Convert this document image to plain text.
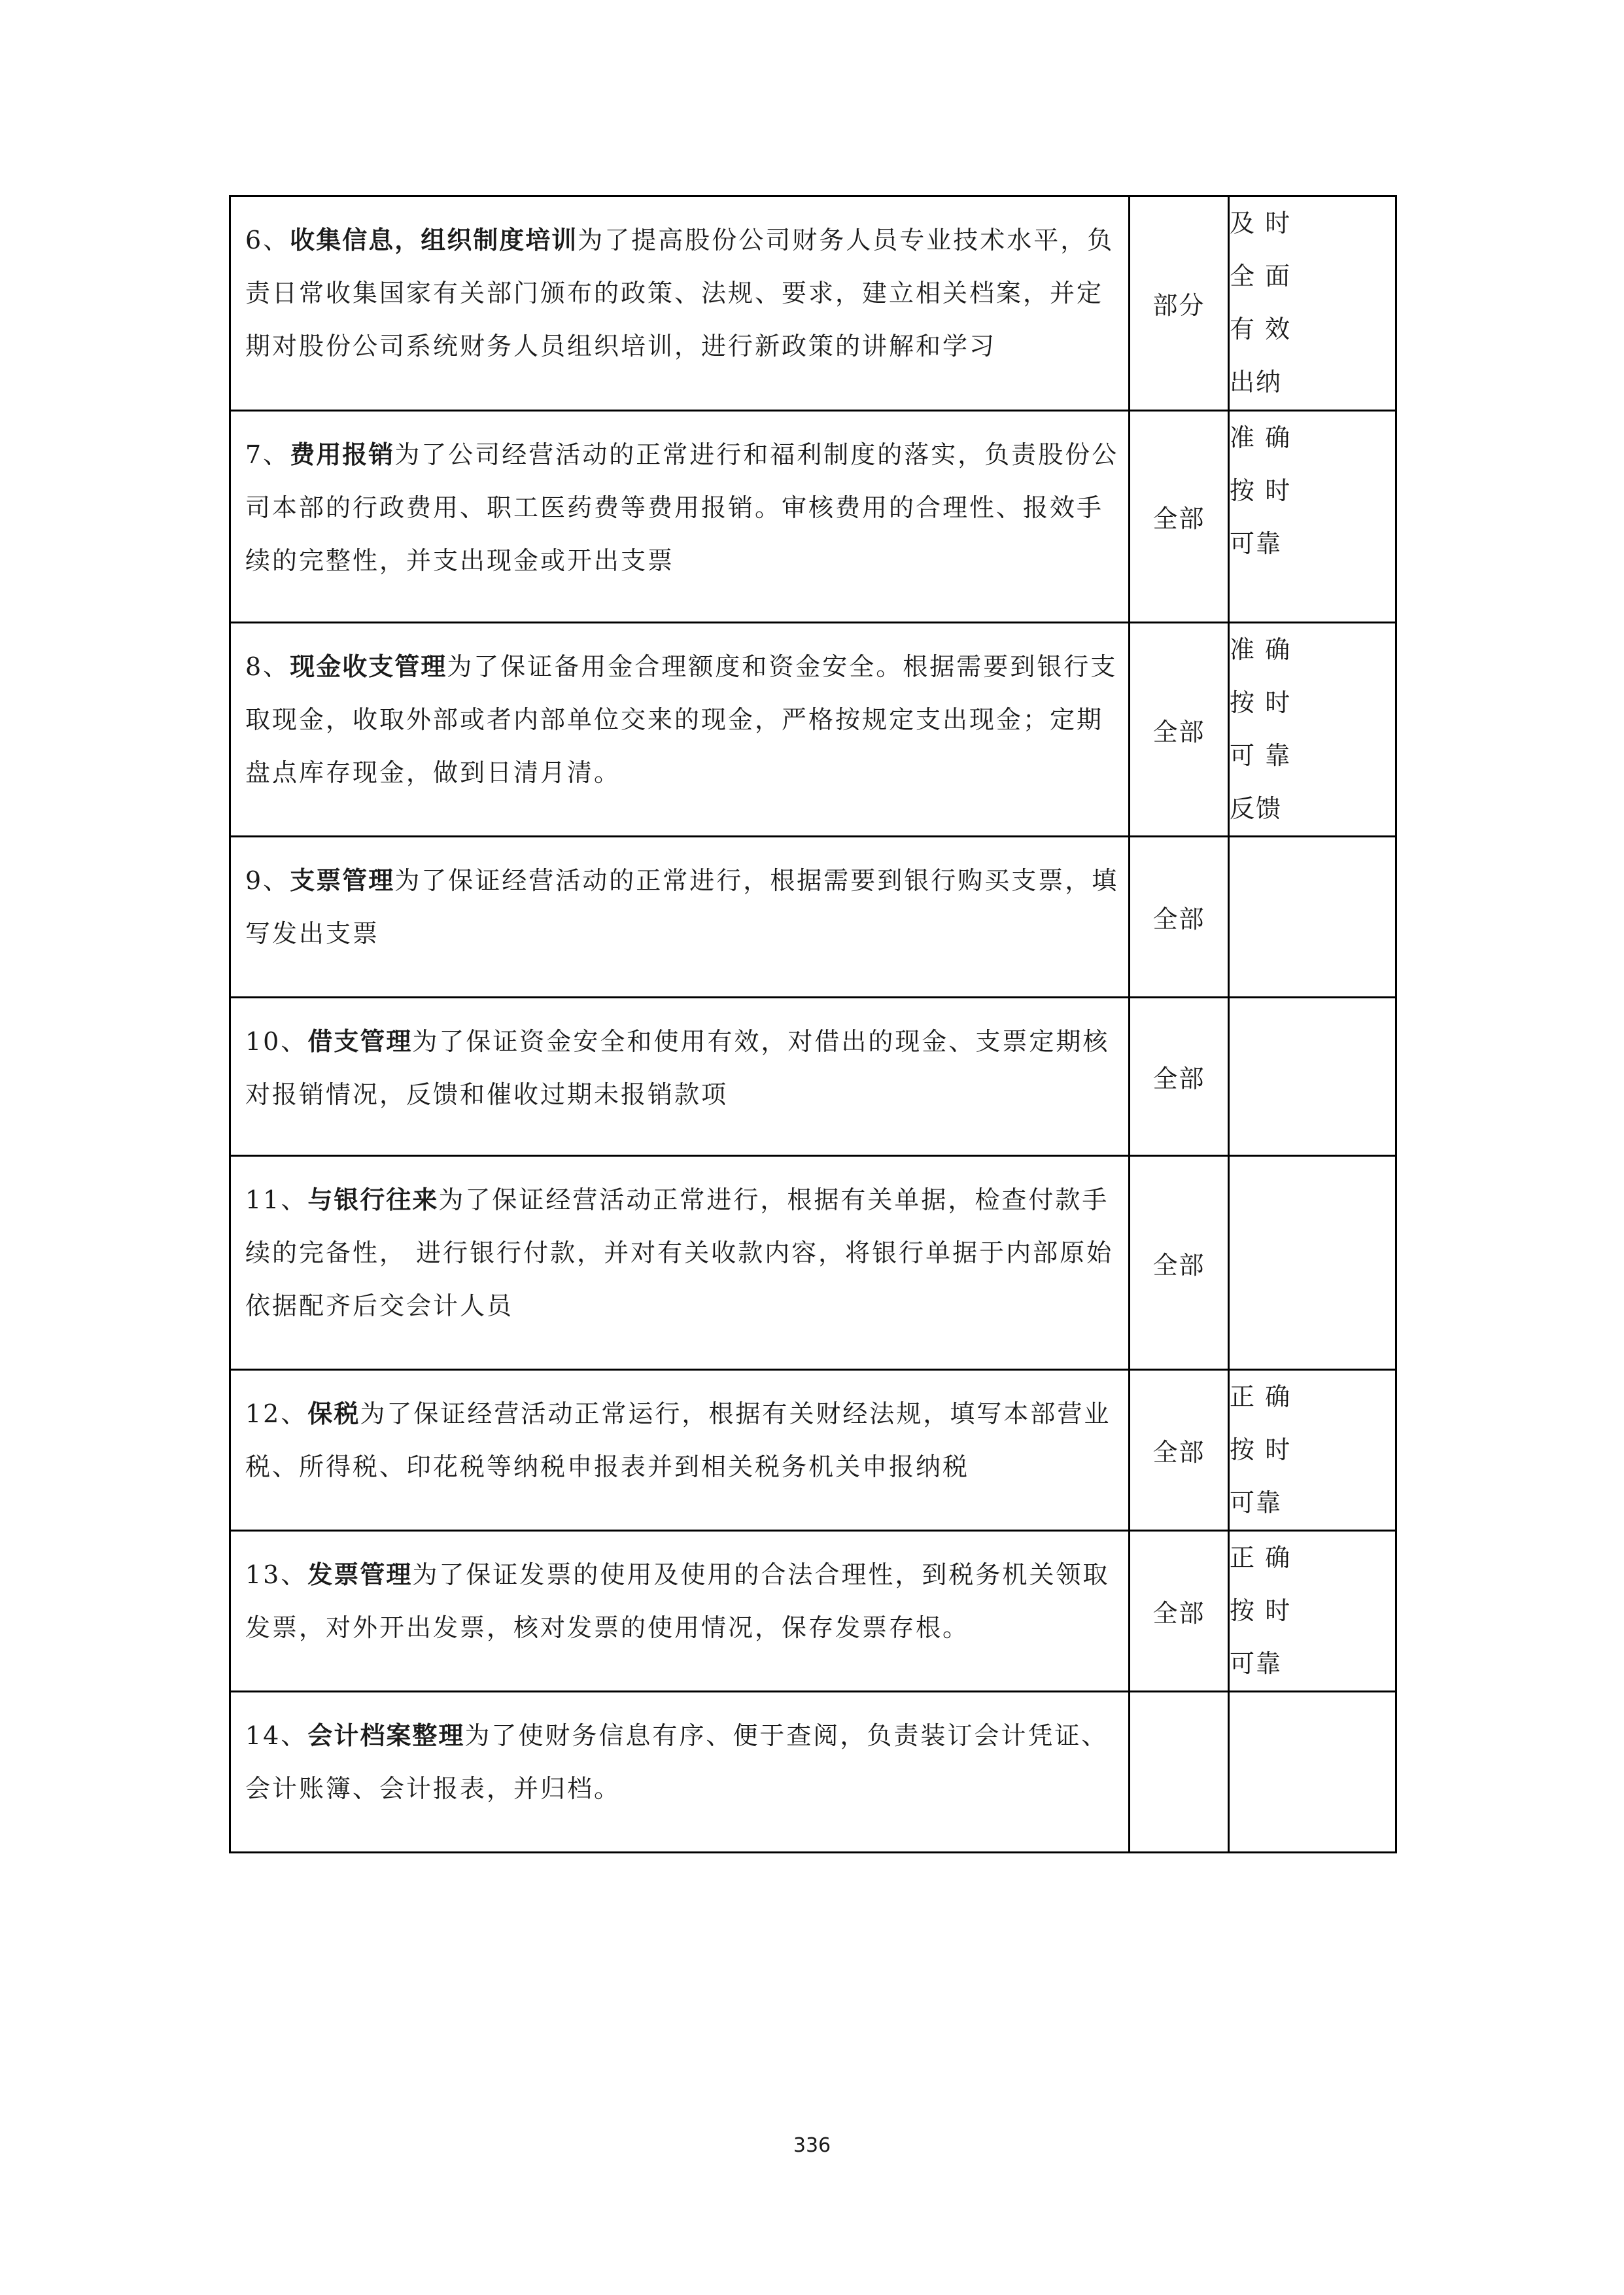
6、收集信息，组织制度培训为了提高股份公司财务人员专业技术水平，负责日常收集国家有关部门颁布的政策、法规、要求，建立相关档案，并定期对股份公司系统财务人员组织培训，进行新政策的讲解和学习	部分	及 时
全 面
有 效
出纳

7、费用报销为了公司经营活动的正常进行和福利制度的落实，负责股份公司本部的行政费用、职工医药费等费用报销。审核费用的合理性、报效手续的完整性，并支出现金或开出支票	全部	准 确
按 时
可靠

8、现金收支管理为了保证备用金合理额度和资金安全。根据需要到银行支取现金，收取外部或者内部单位交来的现金，严格按规定支出现金；定期盘点库存现金，做到日清月清。	全部	准 确
按 时
可 靠
反馈

9、支票管理为了保证经营活动的正常进行，根据需要到银行购买支票，填写发出支票	全部	

10、借支管理为了保证资金安全和使用有效，对借出的现金、支票定期核对报销情况，反馈和催收过期未报销款项	全部	

11、与银行往来为了保证经营活动正常进行，根据有关单据，检查付款手续的完备性， 进行银行付款，并对有关收款内容，将银行单据于内部原始依据配齐后交会计人员	全部	

12、保税为了保证经营活动正常运行，根据有关财经法规，填写本部营业税、所得税、印花税等纳税申报表并到相关税务机关申报纳税	全部	正 确
按 时
可靠

13、发票管理为了保证发票的使用及使用的合法合理性，到税务机关领取发票，对外开出发票，核对发票的使用情况，保存发票存根。	全部	正 确
按 时
可靠

14、会计档案整理为了使财务信息有序、便于查阅，负责装订会计凭证、会计账簿、会计报表，并归档。		

336
